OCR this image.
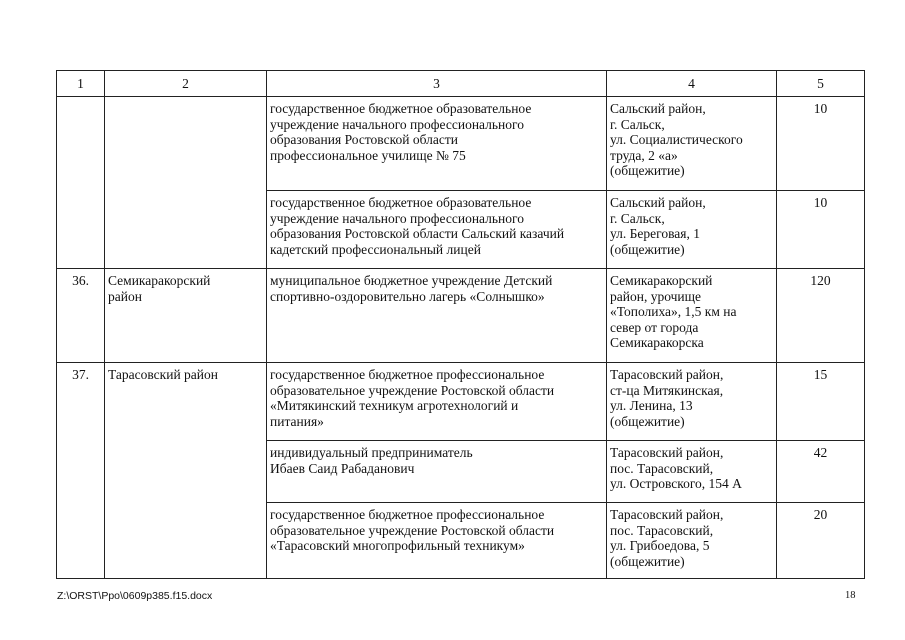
1	2	3	4	5
		государственное бюджетное образовательное
учреждение начального профессионального
образования Ростовской области
профессиональное училище № 75	Сальский район,
г. Сальск,
ул. Социалистического
труда, 2 «а»
(общежитие)	10
		государственное бюджетное образовательное
учреждение начального профессионального
образования Ростовской области Сальский казачий
кадетский профессиональный лицей	Сальский район,
г. Сальск,
ул. Береговая, 1
(общежитие)	10
36.	Семикаракорский
район	муниципальное бюджетное учреждение Детский
спортивно-оздоровительно лагерь «Солнышко»	Семикаракорский
район, урочище
«Тополиха», 1,5 км на
север от города
Семикаракорска	120
37.	Тарасовский район	государственное бюджетное профессиональное
образовательное учреждение Ростовской области
«Митякинский техникум агротехнологий и
питания»	Тарасовский район,
ст-ца Митякинская,
ул. Ленина, 13
(общежитие)	15
		индивидуальный предприниматель
Ибаев Саид Рабаданович	Тарасовский район,
пос. Тарасовский,
ул. Островского, 154 А	42
		государственное бюджетное профессиональное
образовательное учреждение Ростовской области
«Тарасовский многопрофильный техникум»	Тарасовский район,
пос. Тарасовский,
ул. Грибоедова, 5
(общежитие)	20
Z:\ORST\Ppo\0609p385.f15.docx	18
